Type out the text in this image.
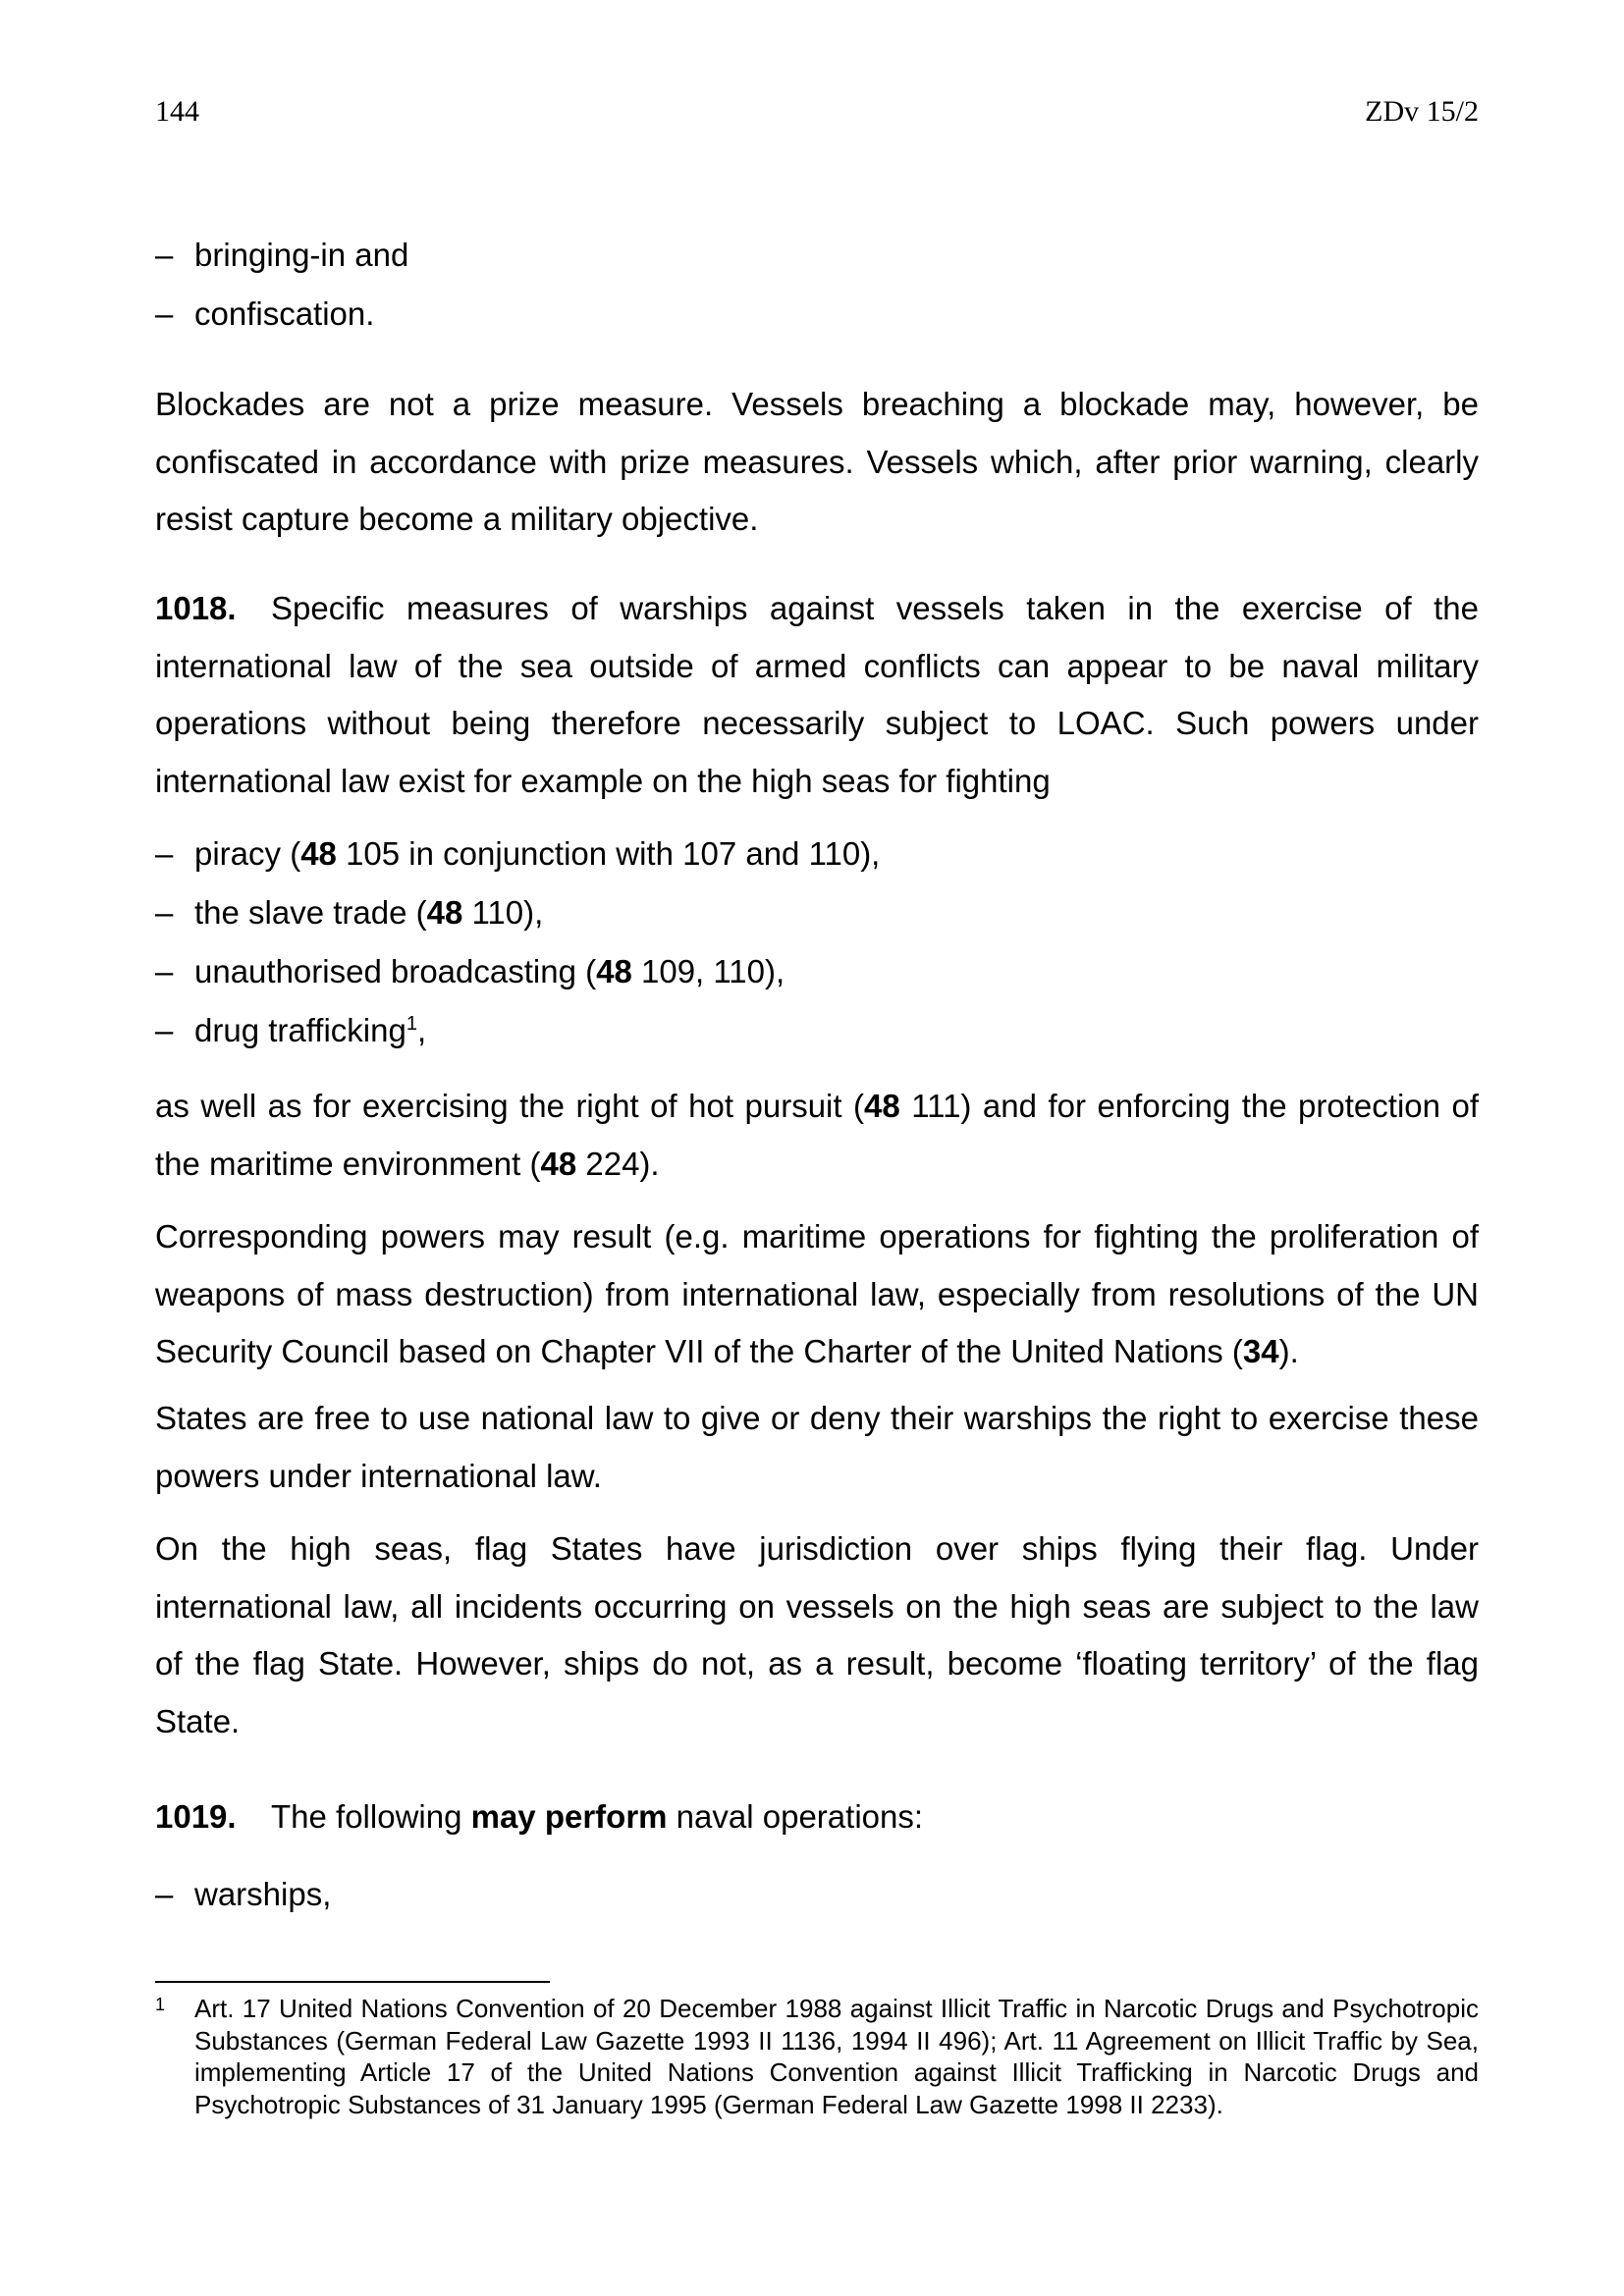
144	ZDv 15/2
– bringing-in and
– confiscation.
Blockades are not a prize measure. Vessels breaching a blockade may, however, be
confiscated in accordance with prize measures. Vessels which, after prior warning, clearly
resist capture become a military objective.
1018. Specific measures of warships against vessels taken in the exercise of the
international law of the sea outside of armed conflicts can appear to be naval military
operations without being therefore necessarily subject to LOAC. Such powers under
international law exist for example on the high seas for fighting
– piracy (48 105 in conjunction with 107 and 110),
– the slave trade (48 110),
– unauthorised broadcasting (48 109, 110),
– drug trafficking$^1$,
as well as for exercising the right of hot pursuit (48 111) and for enforcing the protection of
the maritime environment (48 224).
Corresponding powers may result (e.g. maritime operations for fighting the proliferation of
weapons of mass destruction) from international law, especially from resolutions of the UN
Security Council based on Chapter VII of the Charter of the United Nations (34).
States are free to use national law to give or deny their warships the right to exercise these
powers under international law.
On the high seas, flag States have jurisdiction over ships flying their flag. Under
international law, all incidents occurring on vessels on the high seas are subject to the law
of the flag State. However, ships do not, as a result, become ‘floating territory’ of the flag
State.
1019. The following may perform naval operations:
– warships,
1 Art. 17 United Nations Convention of 20 December 1988 against Illicit Traffic in Narcotic Drugs and Psychotropic Substances (German Federal Law Gazette 1993 II 1136, 1994 II 496); Art. 11 Agreement on Illicit Traffic by Sea, implementing Article 17 of the United Nations Convention against Illicit Trafficking in Narcotic Drugs and Psychotropic Substances of 31 January 1995 (German Federal Law Gazette 1998 II 2233).
